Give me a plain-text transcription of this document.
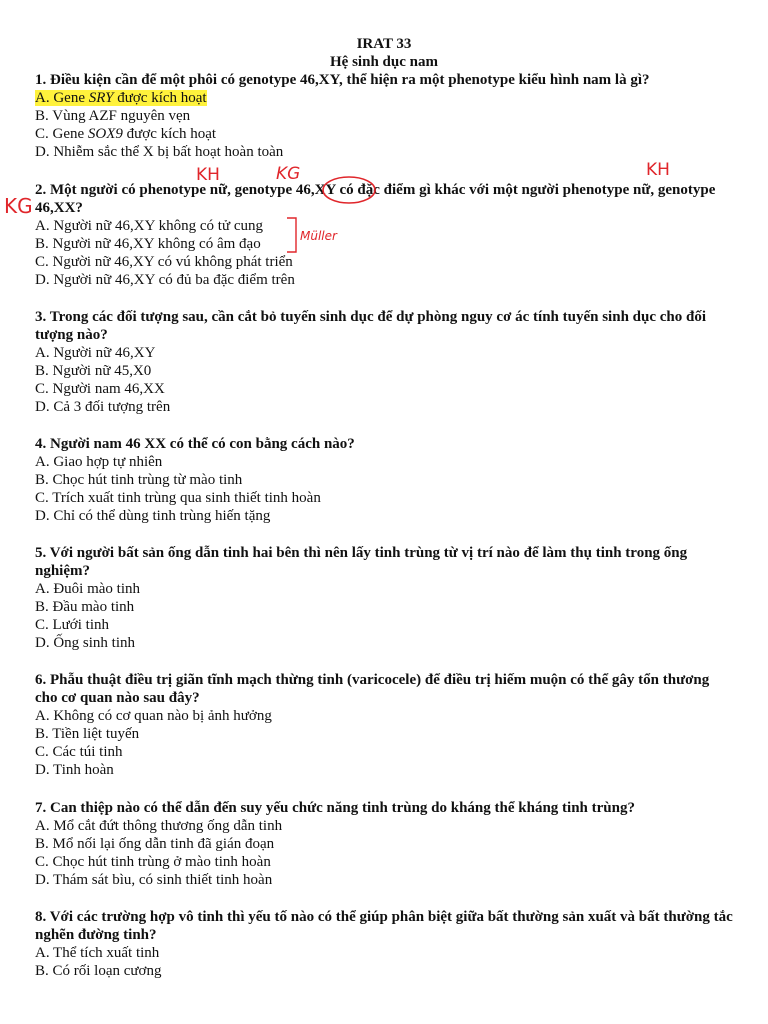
IRAT 33
Hệ sinh dục nam
1. Điều kiện cần để một phôi có genotype 46,XY, thể hiện ra một phenotype kiểu hình nam là gì?
A. Gene SRY được kích hoạt
B. Vùng AZF nguyên vẹn
C. Gene SOX9 được kích hoạt
D. Nhiễm sắc thể X bị bất hoạt hoàn toàn
2. Một người có phenotype nữ, genotype 46,XY có đặc điểm gì khác với một người phenotype nữ, genotype 46,XX?
A. Người nữ 46,XY không có tử cung
B. Người nữ 46,XY không có âm đạo
C. Người nữ 46,XY có vú không phát triển
D. Người nữ 46,XY có đủ ba đặc điểm trên
3. Trong các đối tượng sau, cần cắt bỏ tuyến sinh dục để dự phòng nguy cơ ác tính tuyến sinh dục cho đối tượng nào?
A. Người nữ 46,XY
B. Người nữ 45,X0
C. Người nam 46,XX
D. Cả 3 đối tượng trên
4. Người nam 46 XX có thể có con bằng cách nào?
A. Giao hợp tự nhiên
B. Chọc hút tinh trùng từ mào tinh
C. Trích xuất tinh trùng qua sinh thiết tinh hoàn
D. Chỉ có thể dùng tinh trùng hiến tặng
5. Với người bất sản ống dẫn tinh hai bên thì nên lấy tinh trùng từ vị trí nào để làm thụ tinh trong ống nghiệm?
A. Đuôi mào tinh
B. Đầu mào tinh
C. Lưới tinh
D. Ống sinh tinh
6. Phẫu thuật điều trị giãn tĩnh mạch thừng tinh (varicocele) để điều trị hiếm muộn có thể gây tổn thương cho cơ quan nào sau đây?
A. Không có cơ quan nào bị ảnh hưởng
B. Tiền liệt tuyến
C. Các túi tinh
D. Tinh hoàn
7. Can thiệp nào có thể dẫn đến suy yếu chức năng tinh trùng do kháng thể kháng tinh trùng?
A. Mổ cắt đứt thông thương ống dẫn tinh
B. Mổ nối lại ống dẫn tinh đã gián đoạn
C. Chọc hút tinh trùng ở mào tinh hoàn
D. Thám sát bìu, có sinh thiết tinh hoàn
8. Với các trường hợp vô tinh thì yếu tố nào có thể giúp phân biệt giữa bất thường sản xuất và bất thường tắc nghẽn đường tinh?
A. Thể tích xuất tinh
B. Có rối loạn cương
KH	KG	KH
KG
Müller
